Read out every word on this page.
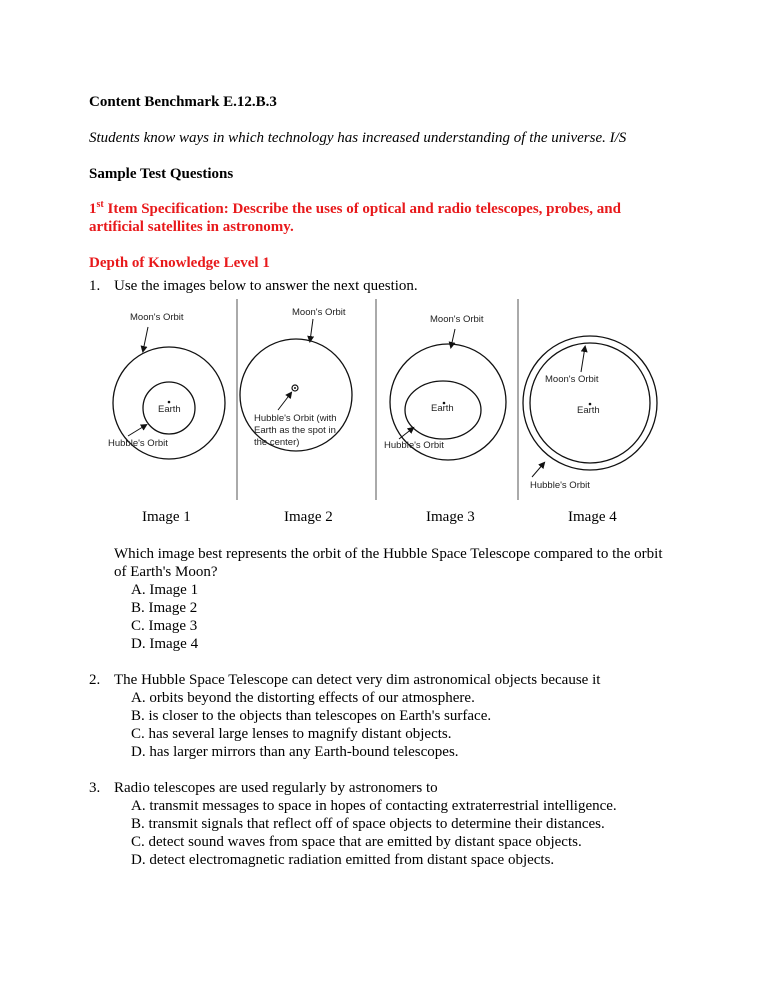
Content Benchmark E.12.B.3
Students know ways in which technology has increased understanding of the universe. I/S
Sample Test Questions
1st Item Specification: Describe the uses of optical and radio telescopes, probes, and
artificial satellites in astronomy.
Depth of Knowledge Level 1
1. Use the images below to answer the next question.
Moon's Orbit
Earth
Hubble's Orbit
Moon's Orbit
Hubble's Orbit (with
Earth as the spot in
the center)
Moon's Orbit
Earth
Hubble's Orbit
Moon's Orbit
Earth
Hubble's Orbit
Image 1	Image 2	Image 3	Image 4
Which image best represents the orbit of the Hubble Space Telescope compared to the orbit
of Earth's Moon?
A. Image 1
B. Image 2
C. Image 3
D. Image 4
2. The Hubble Space Telescope can detect very dim astronomical objects because it
A. orbits beyond the distorting effects of our atmosphere.
B. is closer to the objects than telescopes on Earth's surface.
C. has several large lenses to magnify distant objects.
D. has larger mirrors than any Earth-bound telescopes.
3. Radio telescopes are used regularly by astronomers to
A. transmit messages to space in hopes of contacting extraterrestrial intelligence.
B. transmit signals that reflect off of space objects to determine their distances.
C. detect sound waves from space that are emitted by distant space objects.
D. detect electromagnetic radiation emitted from distant space objects.
